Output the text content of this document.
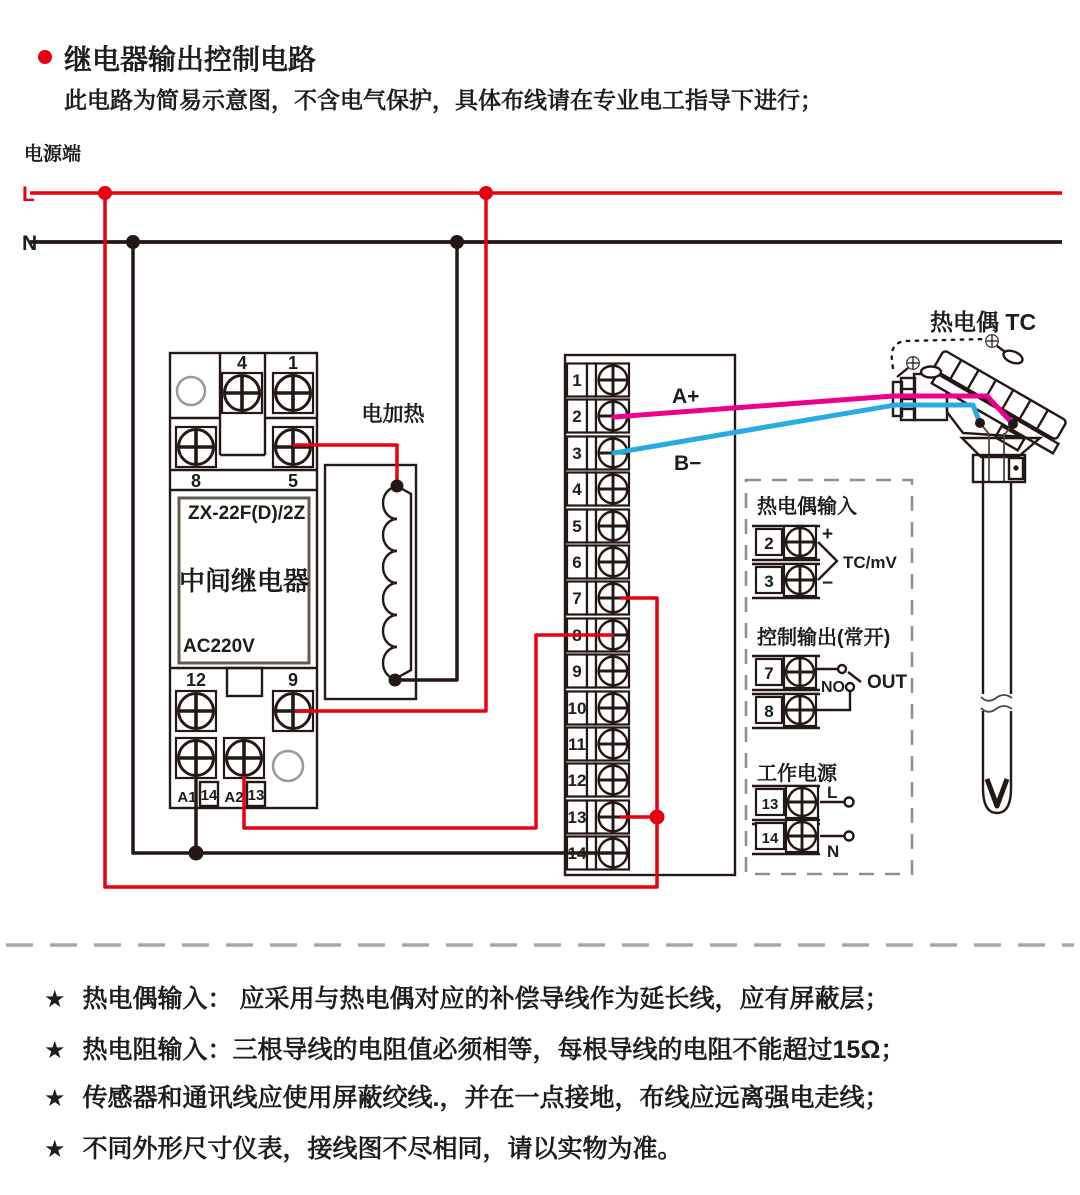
电源端
L
N
1
2
3
4
5
6
7
8
9
10
11
12
13
14
A+
B−
4 1
8	5
ZX-22F(D)/2Z
中间继电器
AC220V
12	9
A1 14 A2 13
电加热
热电偶输入
2
3
+
−
TC/mV
控制输出(常开)
7
8
NO OUT
工作电源
13
14
L
N
热电偶 TC
继电器输出控制电路
此电路为简易示意图，不含电气保护，具体布线请在专业电工指导下进行；
★ 热电偶输入： 应采用与热电偶对应的补偿导线作为延长线，应有屏蔽层；
★ 热电阻输入：三根导线的电阻值必须相等，每根导线的电阻不能超过15Ω；
★ 传感器和通讯线应使用屏蔽绞线.，并在一点接地，布线应远离强电走线；
★ 不同外形尺寸仪表，接线图不尽相同，请以实物为准。
